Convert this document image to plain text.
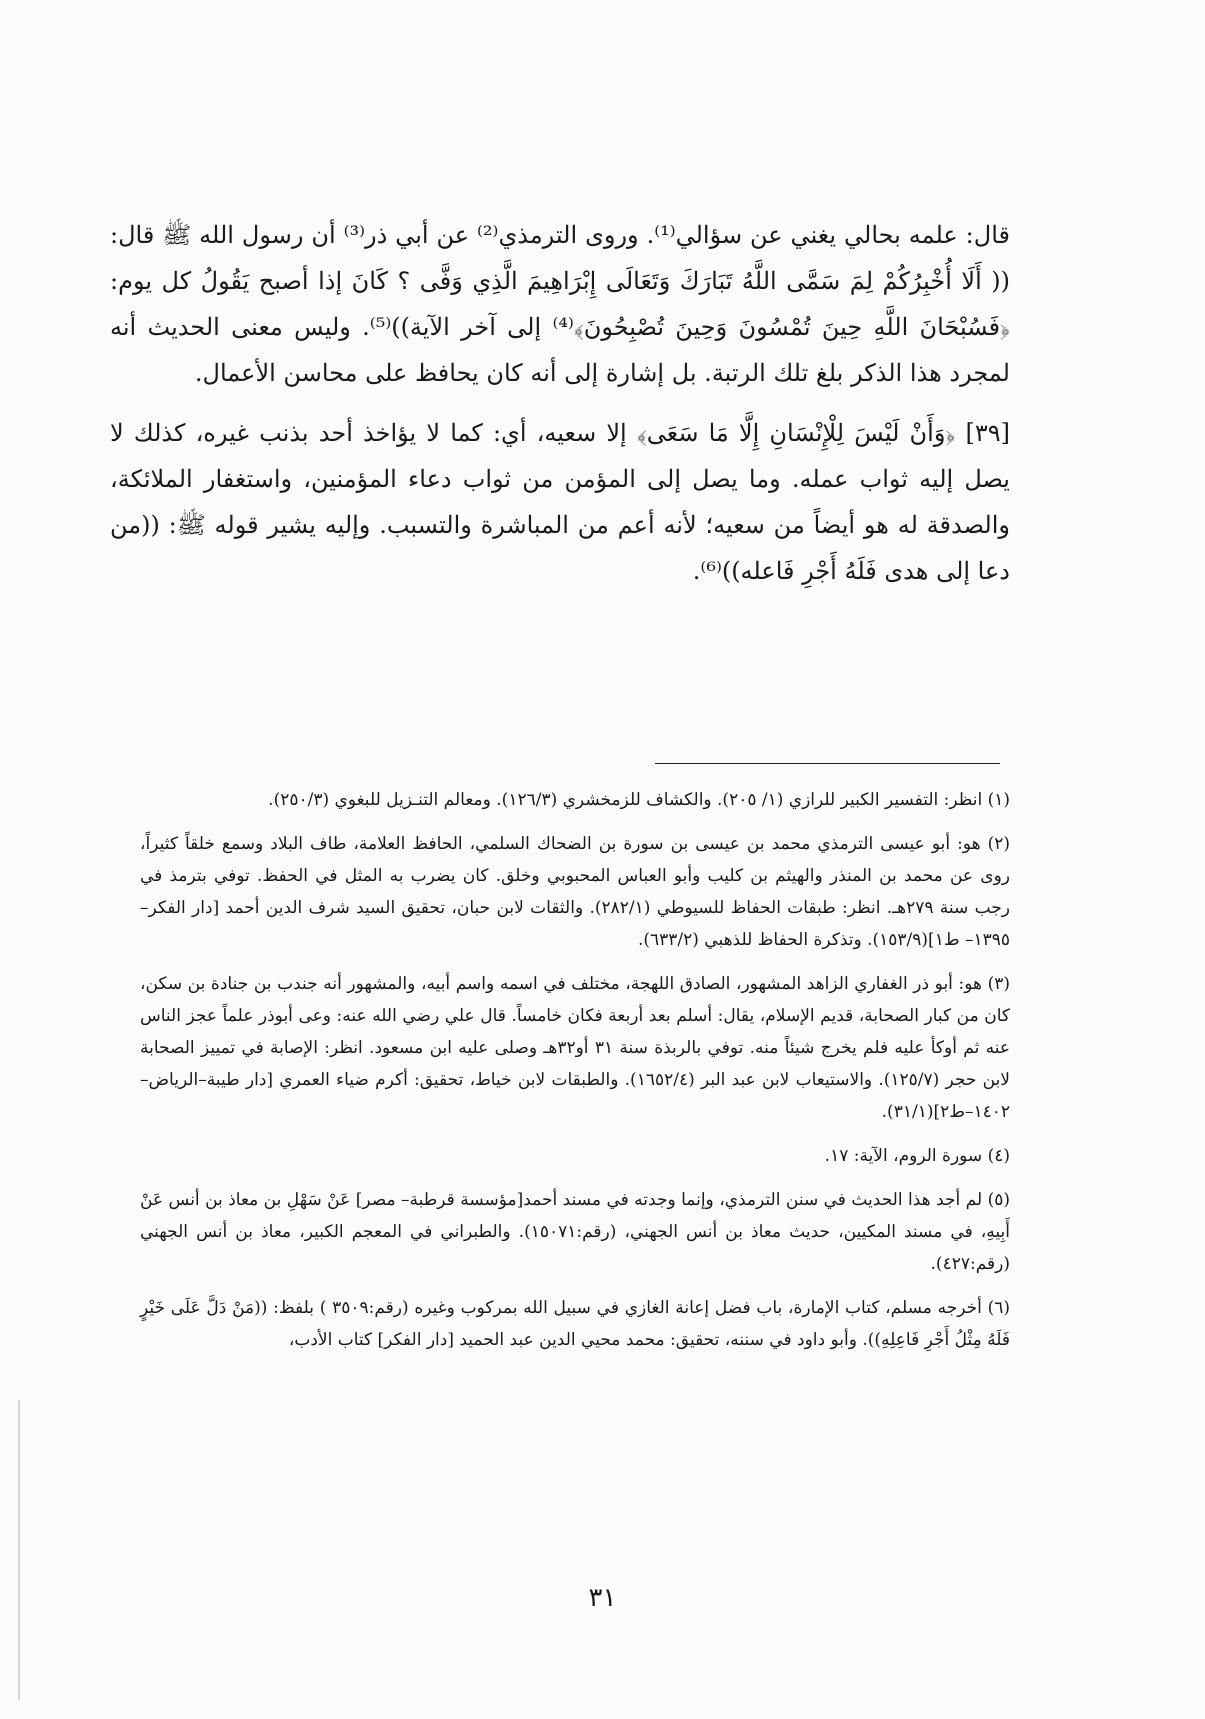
قال: علمه بحالي يغني عن سؤالي⁽¹⁾. وروى الترمذي⁽²⁾ عن أبي ذر⁽³⁾ أن رسول الله ﷺ قال: (( أَلَا أُخْبِرُكُمْ لِمَ سَمَّى اللَّهُ تَبَارَكَ وَتَعَالَى إِبْرَاهِيمَ الَّذِي وَفَّى ؟ كَانَ إذا أصبح يَقُولُ كل يوم: ﴿فَسُبْحَانَ اللَّهِ حِينَ تُمْسُونَ وَحِينَ تُصْبِحُونَ﴾⁽⁴⁾ إلى آخر الآية))⁽⁵⁾. وليس معنى الحديث أنه لمجرد هذا الذكر بلغ تلك الرتبة. بل إشارة إلى أنه كان يحافظ على محاسن الأعمال.

[٣٩] ﴿وَأَنْ لَيْسَ لِلْإِنْسَانِ إِلَّا مَا سَعَى﴾ إلا سعيه، أي: كما لا يؤاخذ أحد بذنب غيره، كذلك لا يصل إليه ثواب عمله. وما يصل إلى المؤمن من ثواب دعاء المؤمنين، واستغفار الملائكة، والصدقة له هو أيضاً من سعيه؛ لأنه أعم من المباشرة والتسبب. وإليه يشير قوله ﷺ: ((من دعا إلى هدى فَلَهُ أَجْرِ فَاعله))⁽⁶⁾.

(١) انظر: التفسير الكبير للرازي (١/ ٢٠٥). والكشاف للزمخشري (١٢٦/٣). ومعالم التنـزيل للبغوي (٢٥٠/٣).

(٢) هو: أبو عيسى الترمذي محمد بن عيسى بن سورة بن الضحاك السلمي، الحافظ العلامة، طاف البلاد وسمع خلقاً كثيراً، روى عن محمد بن المنذر والهيثم بن كليب وأبو العباس المحبوبي وخلق. كان يضرب به المثل في الحفظ. توفي بترمذ في رجب سنة ٢٧٩هـ. انظر: طبقات الحفاظ للسيوطي (٢٨٢/١). والثقات لابن حبان، تحقيق السيد شرف الدين أحمد [دار الفكر– ١٣٩٥– ط١](١٥٣/٩). وتذكرة الحفاظ للذهبي (٦٣٣/٢).

(٣) هو: أبو ذر الغفاري الزاهد المشهور، الصادق اللهجة، مختلف في اسمه واسم أبيه، والمشهور أنه جندب بن جنادة بن سكن، كان من كبار الصحابة، قديم الإسلام، يقال: أسلم بعد أربعة فكان خامساً. قال علي رضي الله عنه: وعى أبوذر علماً عجز الناس عنه ثم أوكأ عليه فلم يخرج شيئاً منه. توفي بالربذة سنة ٣١ أو٣٢هـ وصلى عليه ابن مسعود. انظر: الإصابة في تمييز الصحابة لابن حجر (١٢٥/٧). والاستيعاب لابن عبد البر (١٦٥٢/٤). والطبقات لابن خياط، تحقيق: أكرم ضياء العمري [دار طيبة–الرياض–١٤٠٢–ط٢](٣١/١).

(٤) سورة الروم، الآية: ١٧.

(٥) لم أجد هذا الحديث في سنن الترمذي، وإنما وجدته في مسند أحمد[مؤسسة قرطبة– مصر] عَنْ سَهْلِ بن معاذ بن أنس عَنْ أَبِيهِ، في مسند المكيين، حديث معاذ بن أنس الجهني، (رقم:١٥٠٧١). والطبراني في المعجم الكبير، معاذ بن أنس الجهني (رقم:٤٢٧).

(٦) أخرجه مسلم، كتاب الإمارة، باب فضل إعانة الغازي في سبيل الله بمركوب وغيره (رقم:٣٥٠٩ ) بلفظ: ((مَنْ دَلَّ عَلَى خَيْرٍ فَلَهُ مِثْلُ أَجْرِ فَاعِلِهِ)). وأبو داود في سننه، تحقيق: محمد محيي الدين عبد الحميد [دار الفكر] كتاب الأدب،

٣١
